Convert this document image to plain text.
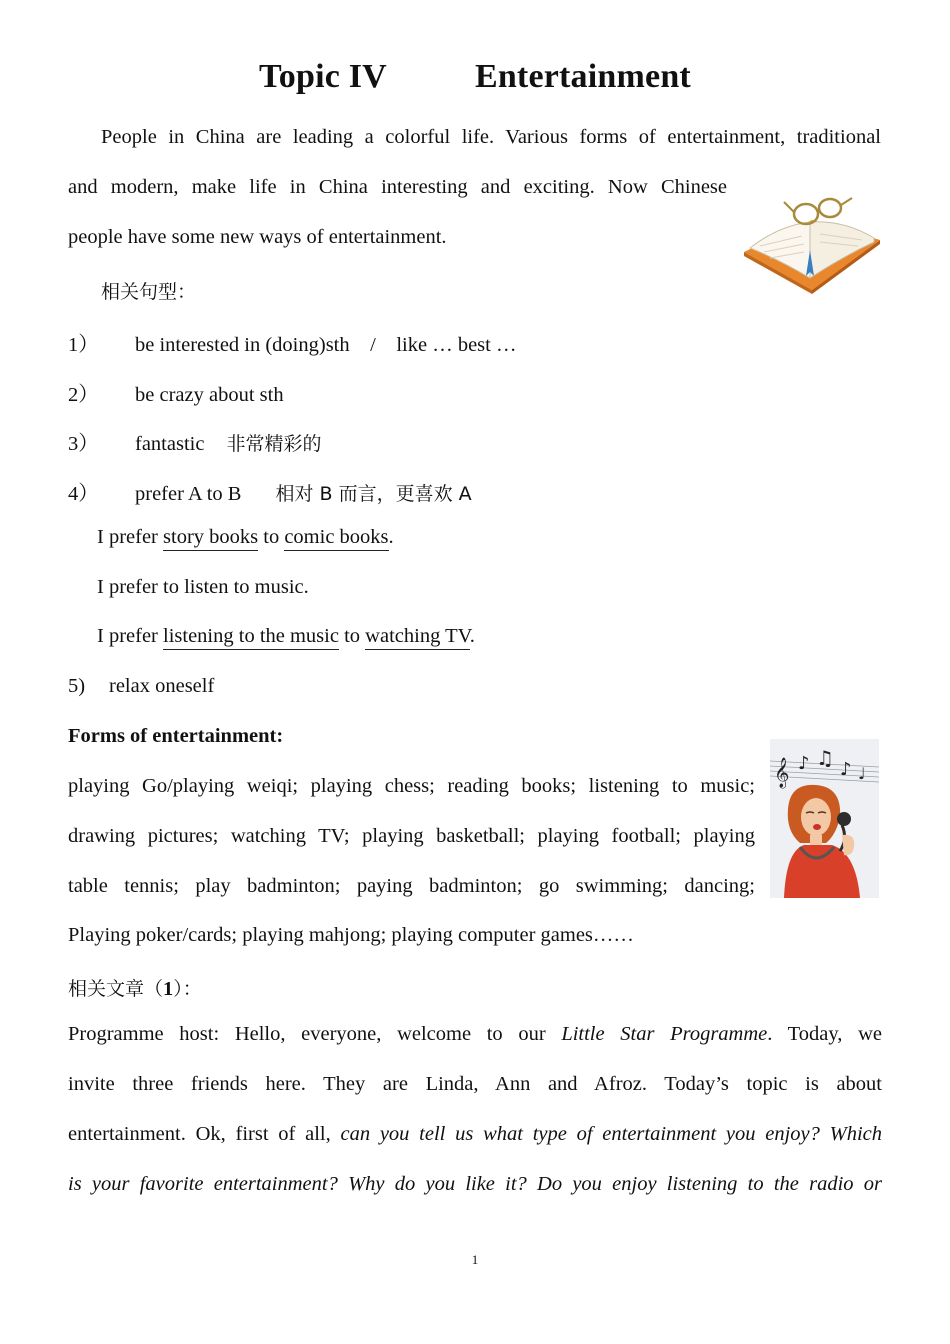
Topic IV	Entertainment
People in China are leading a colorful life. Various forms of entertainment, traditional
and modern, make life in China interesting and exciting. Now Chinese
people have some new ways of entertainment.
相关句型：
1） be interested in (doing)sth　/　like … best …
2） be crazy about sth
3） fantastic 非常精彩的
4） prefer A to B 相对 B 而言，更喜欢 A
I prefer story books to comic books.
I prefer to listen to music.
I prefer listening to the music to watching TV.
5) relax oneself
Forms of entertainment:
playing Go/playing weiqi; playing chess; reading books; listening to music;
drawing pictures; watching TV; playing basketball; playing football; playing
table tennis; play badminton; paying badminton; go swimming; dancing;
Playing poker/cards; playing mahjong; playing computer games……
𝄞 ♪ ♫ ♪ ♩
相关文章（1）：
Programme host: Hello, everyone, welcome to our Little Star Programme. Today, we
invite three friends here. They are Linda, Ann and Afroz. Today’s topic is about
entertainment. Ok, first of all, can you tell us what type of entertainment you enjoy? Which
is your favorite entertainment? Why do you like it? Do you enjoy listening to the radio or
1
